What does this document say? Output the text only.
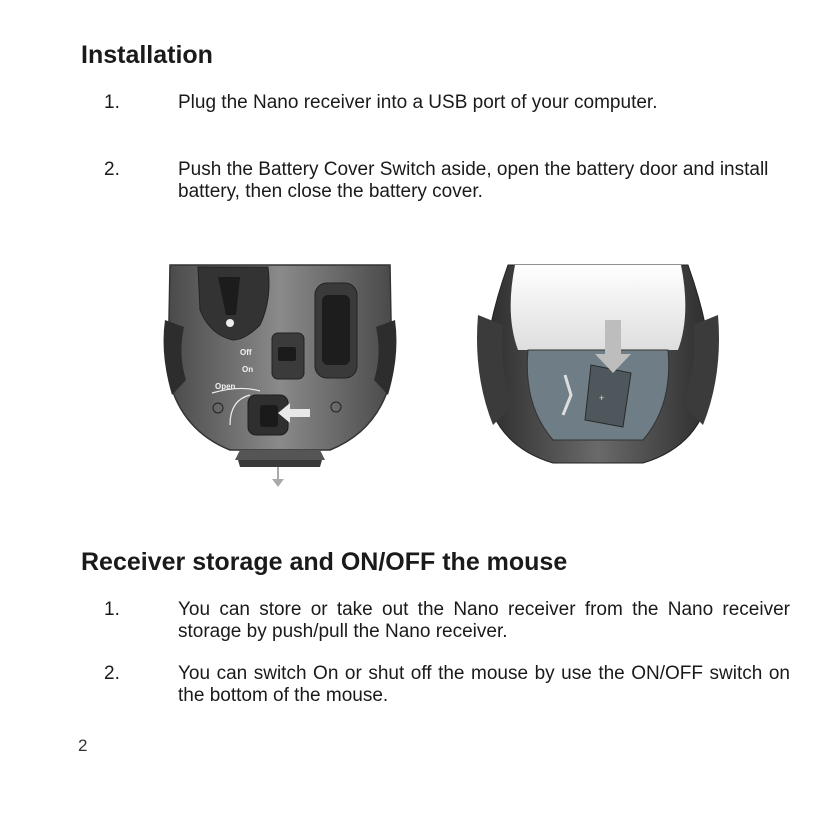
Installation
1.	Plug the Nano receiver into a USB port of your computer.
2.	Push the Battery Cover Switch aside, open the battery door and install battery, then close the battery cover.
Off
On
Open
+
Receiver storage and ON/OFF the mouse
1.	You can store or take out the Nano receiver from the Nano receiver storage by push/pull the Nano receiver.
2.	You can switch On or shut off the mouse by use the ON/OFF switch on the bottom of the mouse.
2
